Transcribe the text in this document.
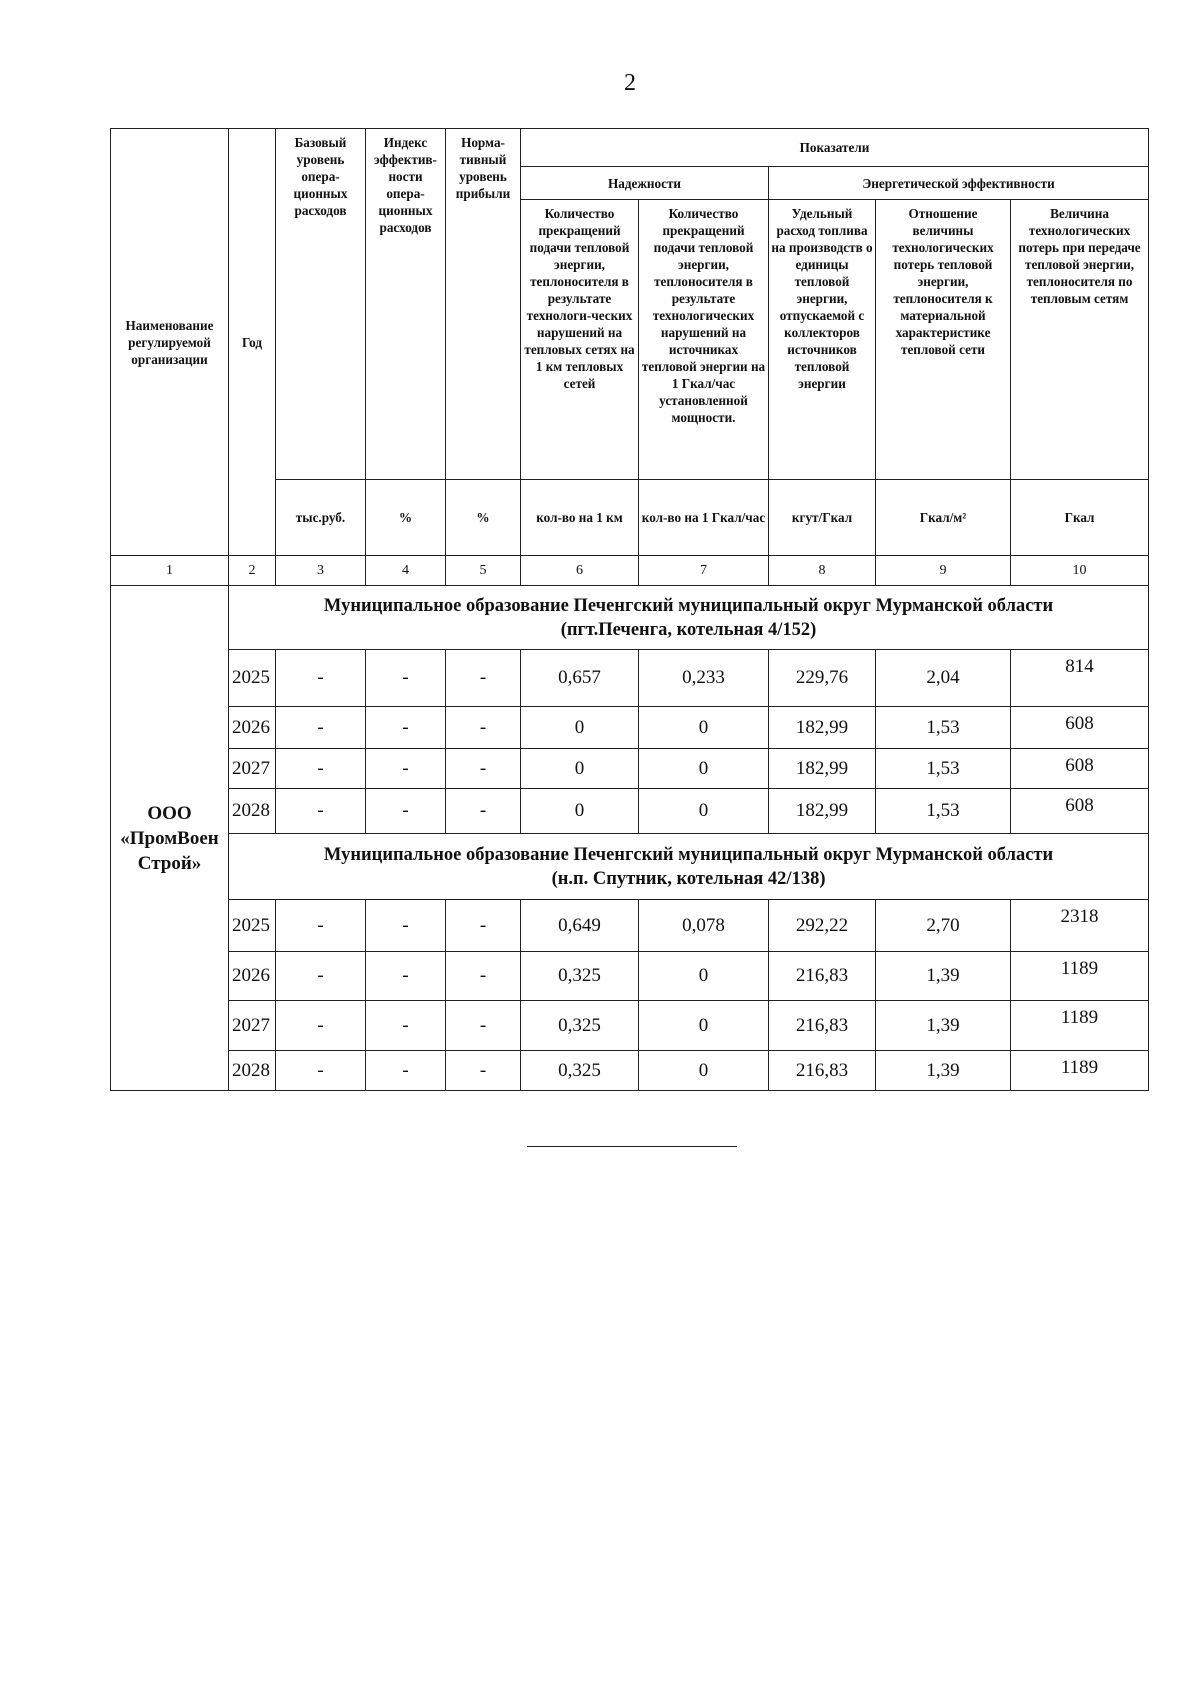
2
Наименование регулируемой организации	Год	Базовый уровень опера-ционных расходов	Индекс эффектив-ности опера-ционных расходов	Норма-тивный уровень прибыли	Показатели				
					Надежности		Энергетической эффективности		
					Количество прекращений подачи тепловой энергии, теплоносителя в результате технологи-ческих нарушений на тепловых сетях на 1 км тепловых сетей	Количество прекращений подачи тепловой энергии, теплоносителя в результате технологических нарушений на источниках тепловой энергии на 1 Гкал/час установленной мощности.	Удельный расход топлива на производств о единицы тепловой энергии, отпускаемой с коллекторов источников тепловой энергии	Отношение величины технологических потерь тепловой энергии, теплоносителя к материальной характеристике тепловой сети	Величина технологических потерь при передаче тепловой энергии, теплоносителя по тепловым сетям
		тыс.руб.	%	%	кол-во на 1 км	кол-во на 1 Гкал/час	кгут/Гкал	Гкал/м²	Гкал
1	2	3	4	5	6	7	8	9	10
ООО «ПромВоен Строй»	Муниципальное образование Печенгский муниципальный округ Мурманской области
(пгт.Печенга, котельная 4/152)								

	2025	-	-	-	0,657	0,233	229,76	2,04	814
	2026	-	-	-	0	0	182,99	1,53	608
	2027	-	-	-	0	0	182,99	1,53	608
	2028	-	-	-	0	0	182,99	1,53	608

	Муниципальное образование Печенгский муниципальный округ Мурманской области
(н.п. Спутник, котельная 42/138)								

	2025	-	-	-	0,649	0,078	292,22	2,70	2318
	2026	-	-	-	0,325	0	216,83	1,39	1189
	2027	-	-	-	0,325	0	216,83	1,39	1189
	2028	-	-	-	0,325	0	216,83	1,39	1189
